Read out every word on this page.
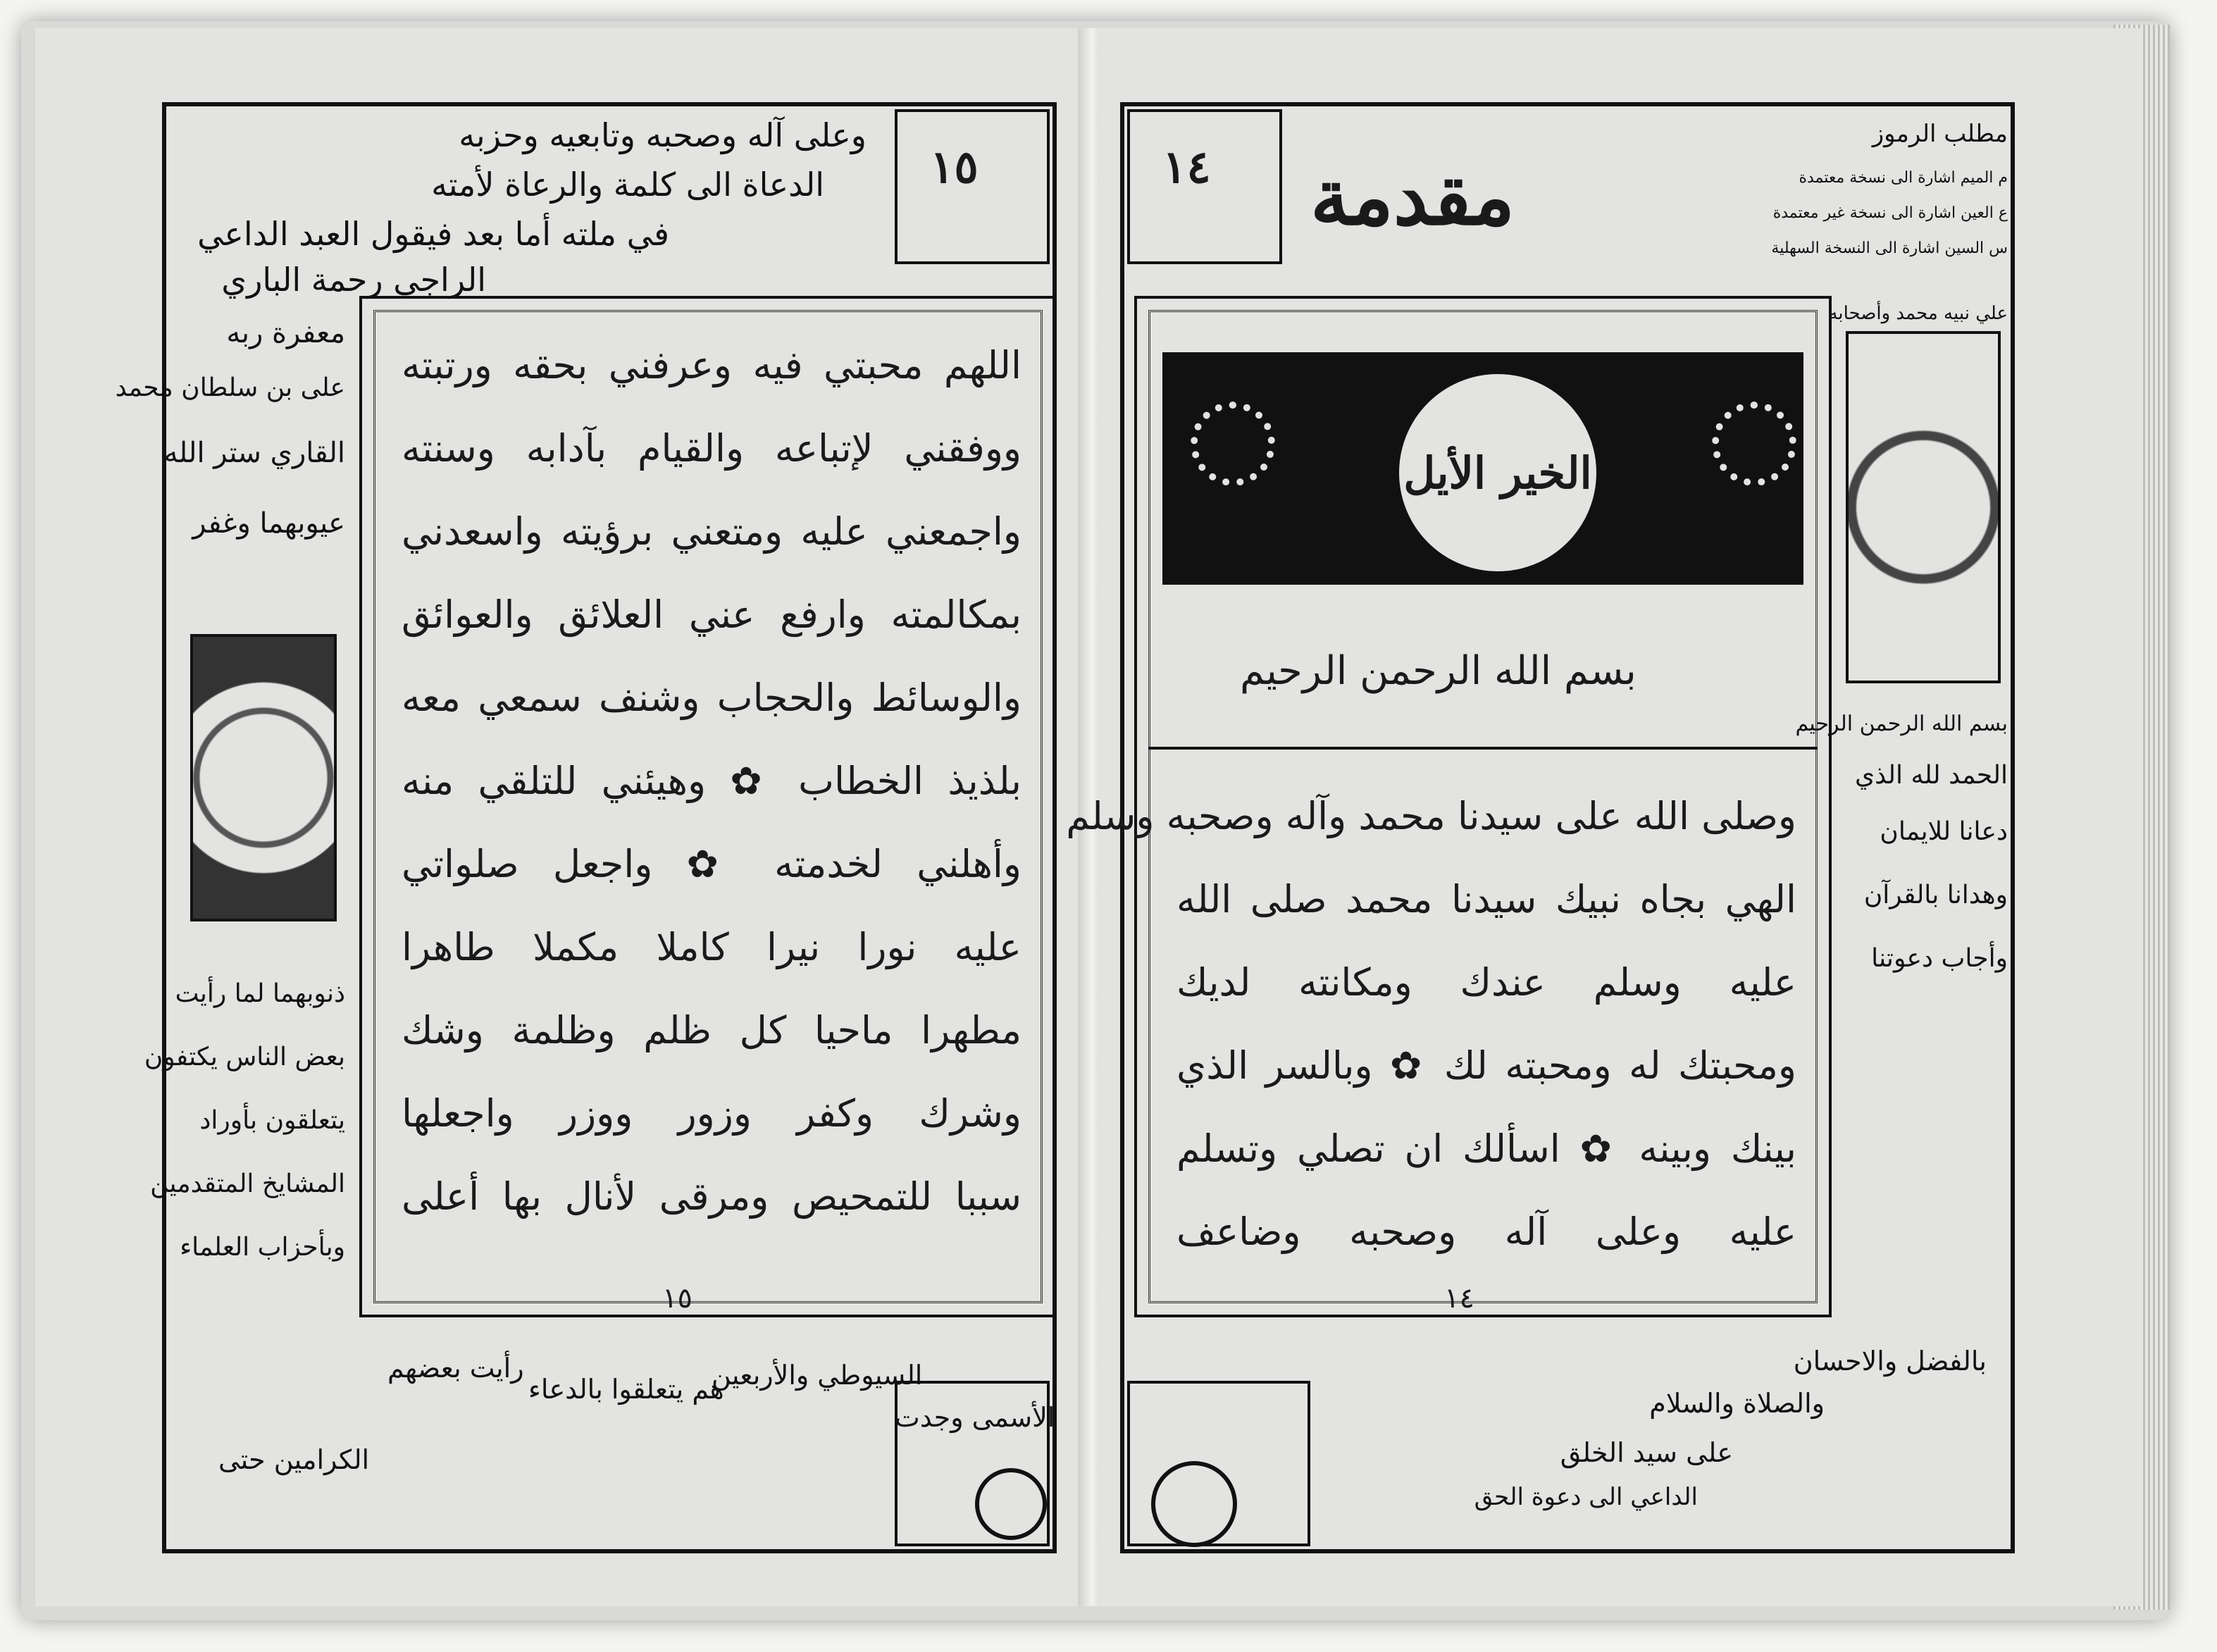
١٥
وعلى آله وصحبه وتابعيه وحزبه
الدعاة الى كلمة والرعاة لأمته
في ملته أما بعد فيقول العبد الداعي
الراجي رحمة الباري
معفرة ربه
على بن سلطان محمد
القاري ستر الله
عيوبهما وغفر
ذنوبهما لما رأيت
بعض الناس يكتفون
يتعلقون بأوراد
المشايخ المتقدمين
وبأحزاب العلماء
اللهم محبتي فيه وعرفني بحقه ورتبته
ووفقني لإتباعه والقيام بآدابه وسنته
واجمعني عليه ومتعني برؤيته واسعدني
بمكالمته وارفع عني العلائق والعوائق
والوسائط والحجاب وشنف سمعي معه
بلذيذ الخطاب ✿ وهيئني للتلقي منه
وأهلني لخدمته ✿ واجعل صلواتي
عليه نورا نيرا كاملا مكملا طاهرا
مطهرا ماحيا كل ظلم وظلمة وشك
وشرك وكفر وزور ووزر واجعلها
سببا للتمحيص ومرقى لأنال بها أعلى
١٥
الأسمى وجدت
السيوطي والأربعين
هم يتعلقوا بالدعاء
رأيت بعضهم
الكرامين حتى
١٤ مقدمة
الخير الأيل
بسم الله الرحمن الرحيم
وصلى الله على سيدنا محمد وآله وصحبه وسلم
الهي بجاه نبيك سيدنا محمد صلى الله
عليه وسلم عندك ومكانته لديك
ومحبتك له ومحبته لك ✿ وبالسر الذي
بينك وبينه ✿ اسألك ان تصلي وتسلم
عليه وعلى آله وصحبه وضاعف
١٤
مطلب الرموز
م الميم اشارة الى نسخة معتمدة
ع العين اشارة الى نسخة غير معتمدة
س السين اشارة الى النسخة السهلية
علي نبيه محمد وأصحابه
بسم الله الرحمن الرحيم
الحمد لله الذي
دعانا للايمان
وهدانا بالقرآن
وأجاب دعوتنا
بالفضل والاحسان
والصلاة والسلام
على سيد الخلق
الداعي الى دعوة الحق
